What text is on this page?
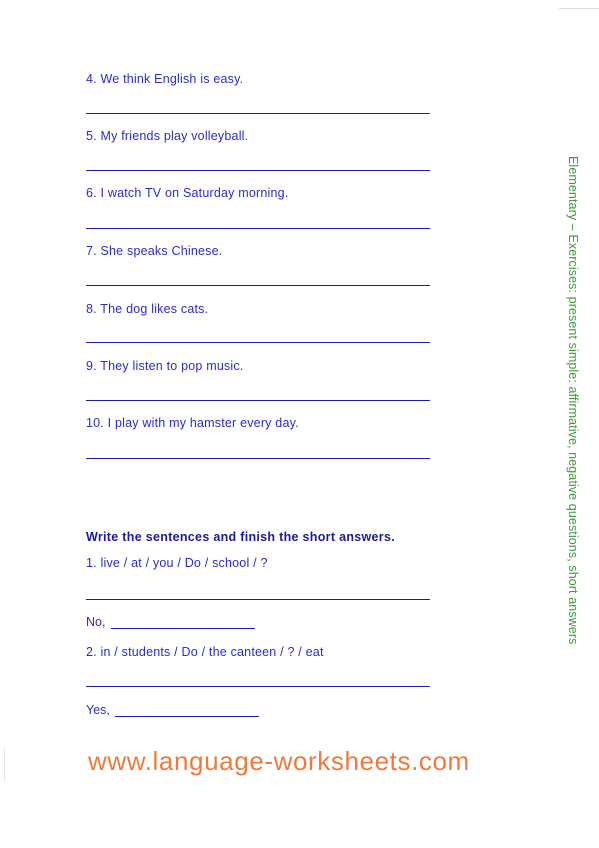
4. We think English is easy.
5. My friends play volleyball.
6. I watch TV on Saturday morning.
7. She speaks Chinese.
8. The dog likes cats.
9. They listen to pop music.
10. I play with my hamster every day.
Write the sentences and finish the short answers.
1. live / at / you / Do / school / ?
No,
2. in / students / Do / the canteen / ? / eat
Yes,
Elementary – Exercises: present simple: affirmative, negative questions, short answers
www.language-worksheets.com
